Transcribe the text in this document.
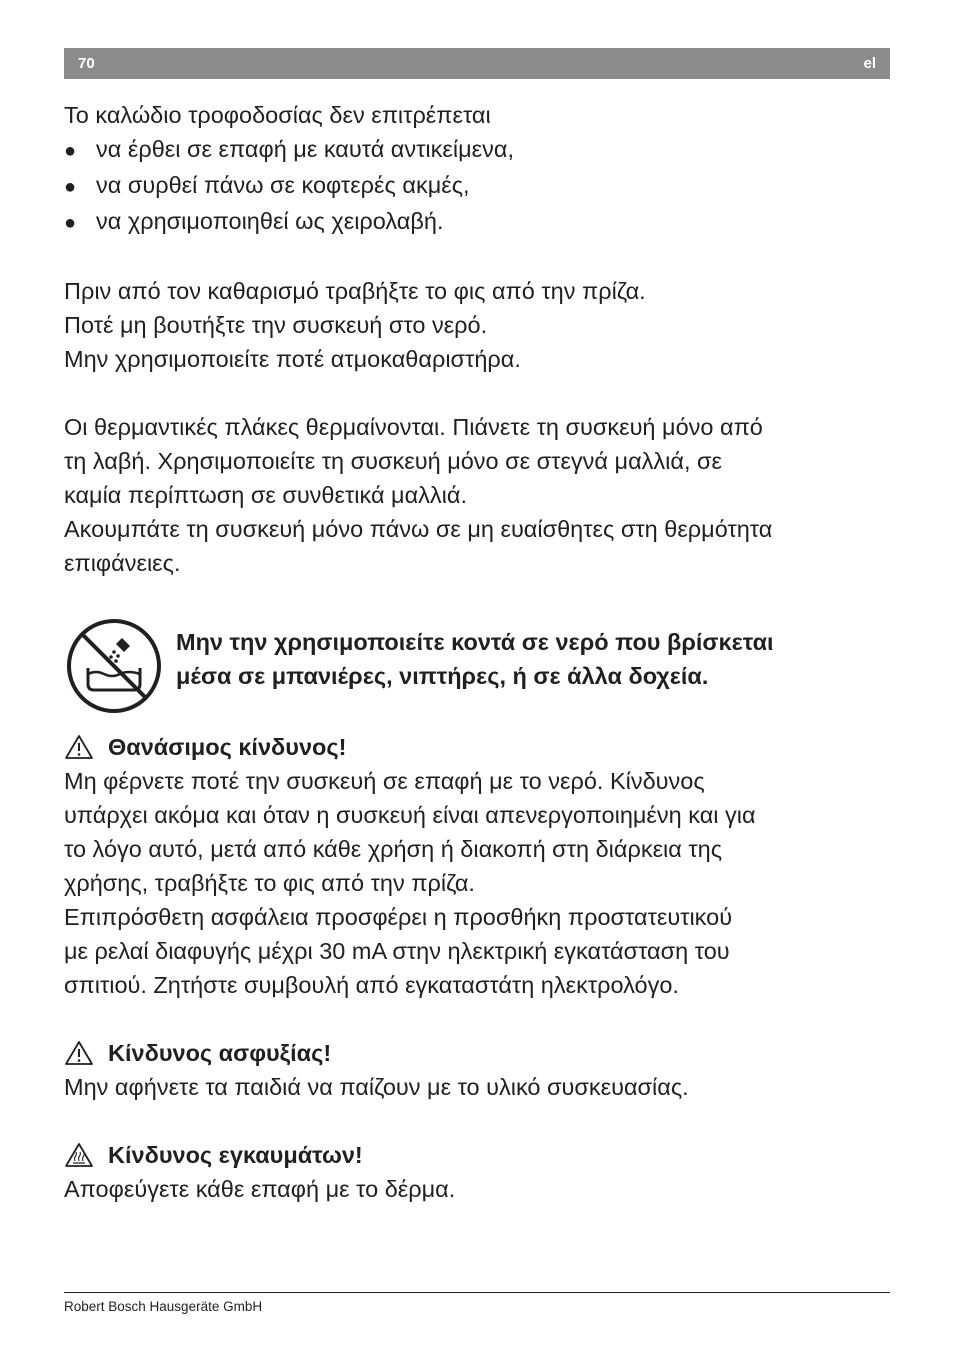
70	el

Το καλώδιο τροφοδοσίας δεν επιτρέπεται

● να έρθει σε επαφή με καυτά αντικείμενα,
● να συρθεί πάνω σε κοφτερές ακμές,
● να χρησιμοποιηθεί ως χειρολαβή.

Πριν από τον καθαρισμό τραβήξτε το φις από την πρίζα.

Ποτέ μη βουτήξτε την συσκευή στο νερό.

Μην χρησιμοποιείτε ποτέ ατμοκαθαριστήρα.

Οι θερμαντικές πλάκες θερμαίνονται. Πιάνετε τη συσκευή μόνο από

τη λαβή. Χρησιμοποιείτε τη συσκευή μόνο σε στεγνά μαλλιά, σε

καμία περίπτωση σε συνθετικά μαλλιά.

Ακουμπάτε τη συσκευή μόνο πάνω σε μη ευαίσθητες στη θερμότητα

επιφάνειες.

Μην την χρησιμοποιείτε κοντά σε νερό που βρίσκεται
μέσα σε μπανιέρες, νιπτήρες, ή σε άλλα δοχεία.
Θανάσιμος κίνδυνος!

Μη φέρνετε ποτέ την συσκευή σε επαφή με το νερό. Κίνδυνος

υπάρχει ακόμα και όταν η συσκευή είναι απενεργοποιημένη και για

το λόγο αυτό, μετά από κάθε χρήση ή διακοπή στη διάρκεια της

χρήσης, τραβήξτε το φις από την πρίζα.

Επιπρόσθετη ασφάλεια προσφέρει η προσθήκη προστατευτικού

με ρελαί διαφυγής μέχρι 30 mA στην ηλεκτρική εγκατάσταση του

σπιτιού. Ζητήστε συμβουλή από εγκαταστάτη ηλεκτρολόγο.

Κίνδυνος ασφυξίας!

Μην αφήνετε τα παιδιά να παίζουν με το υλικό συσκευασίας.

Κίνδυνος εγκαυμάτων!

Αποφεύγετε κάθε επαφή με το δέρμα.

Robert Bosch Hausgeräte GmbH
